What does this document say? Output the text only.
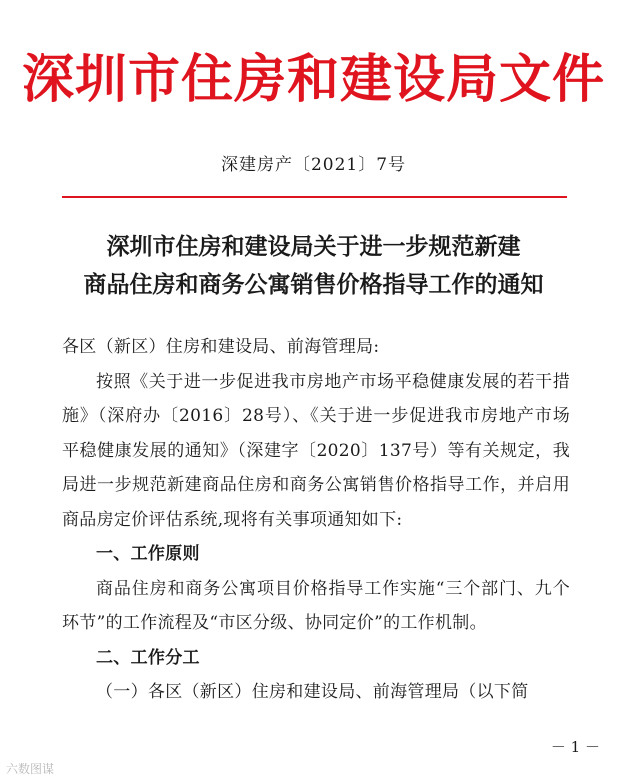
深圳市住房和建设局文件
深建房产〔2021〕7号
深圳市住房和建设局关于进一步规范新建
商品住房和商务公寓销售价格指导工作的通知

各区（新区）住房和建设局、前海管理局:

按照《关于进一步促进我市房地产市场平稳健康发展的若干措施》（深府办〔2016〕28号）、《关于进一步促进我市房地产市场平稳健康发展的通知》（深建字〔2020〕137号）等有关规定，我局进一步规范新建商品住房和商务公寓销售价格指导工作，并启用商品房定价评估系统,现将有关事项通知如下:

一、工作原则

商品住房和商务公寓项目价格指导工作实施“三个部门、九个环节”的工作流程及“市区分级、协同定价”的工作机制。

二、工作分工

（一）各区（新区）住房和建设局、前海管理局（以下简

－ 1 －
六数图谋
